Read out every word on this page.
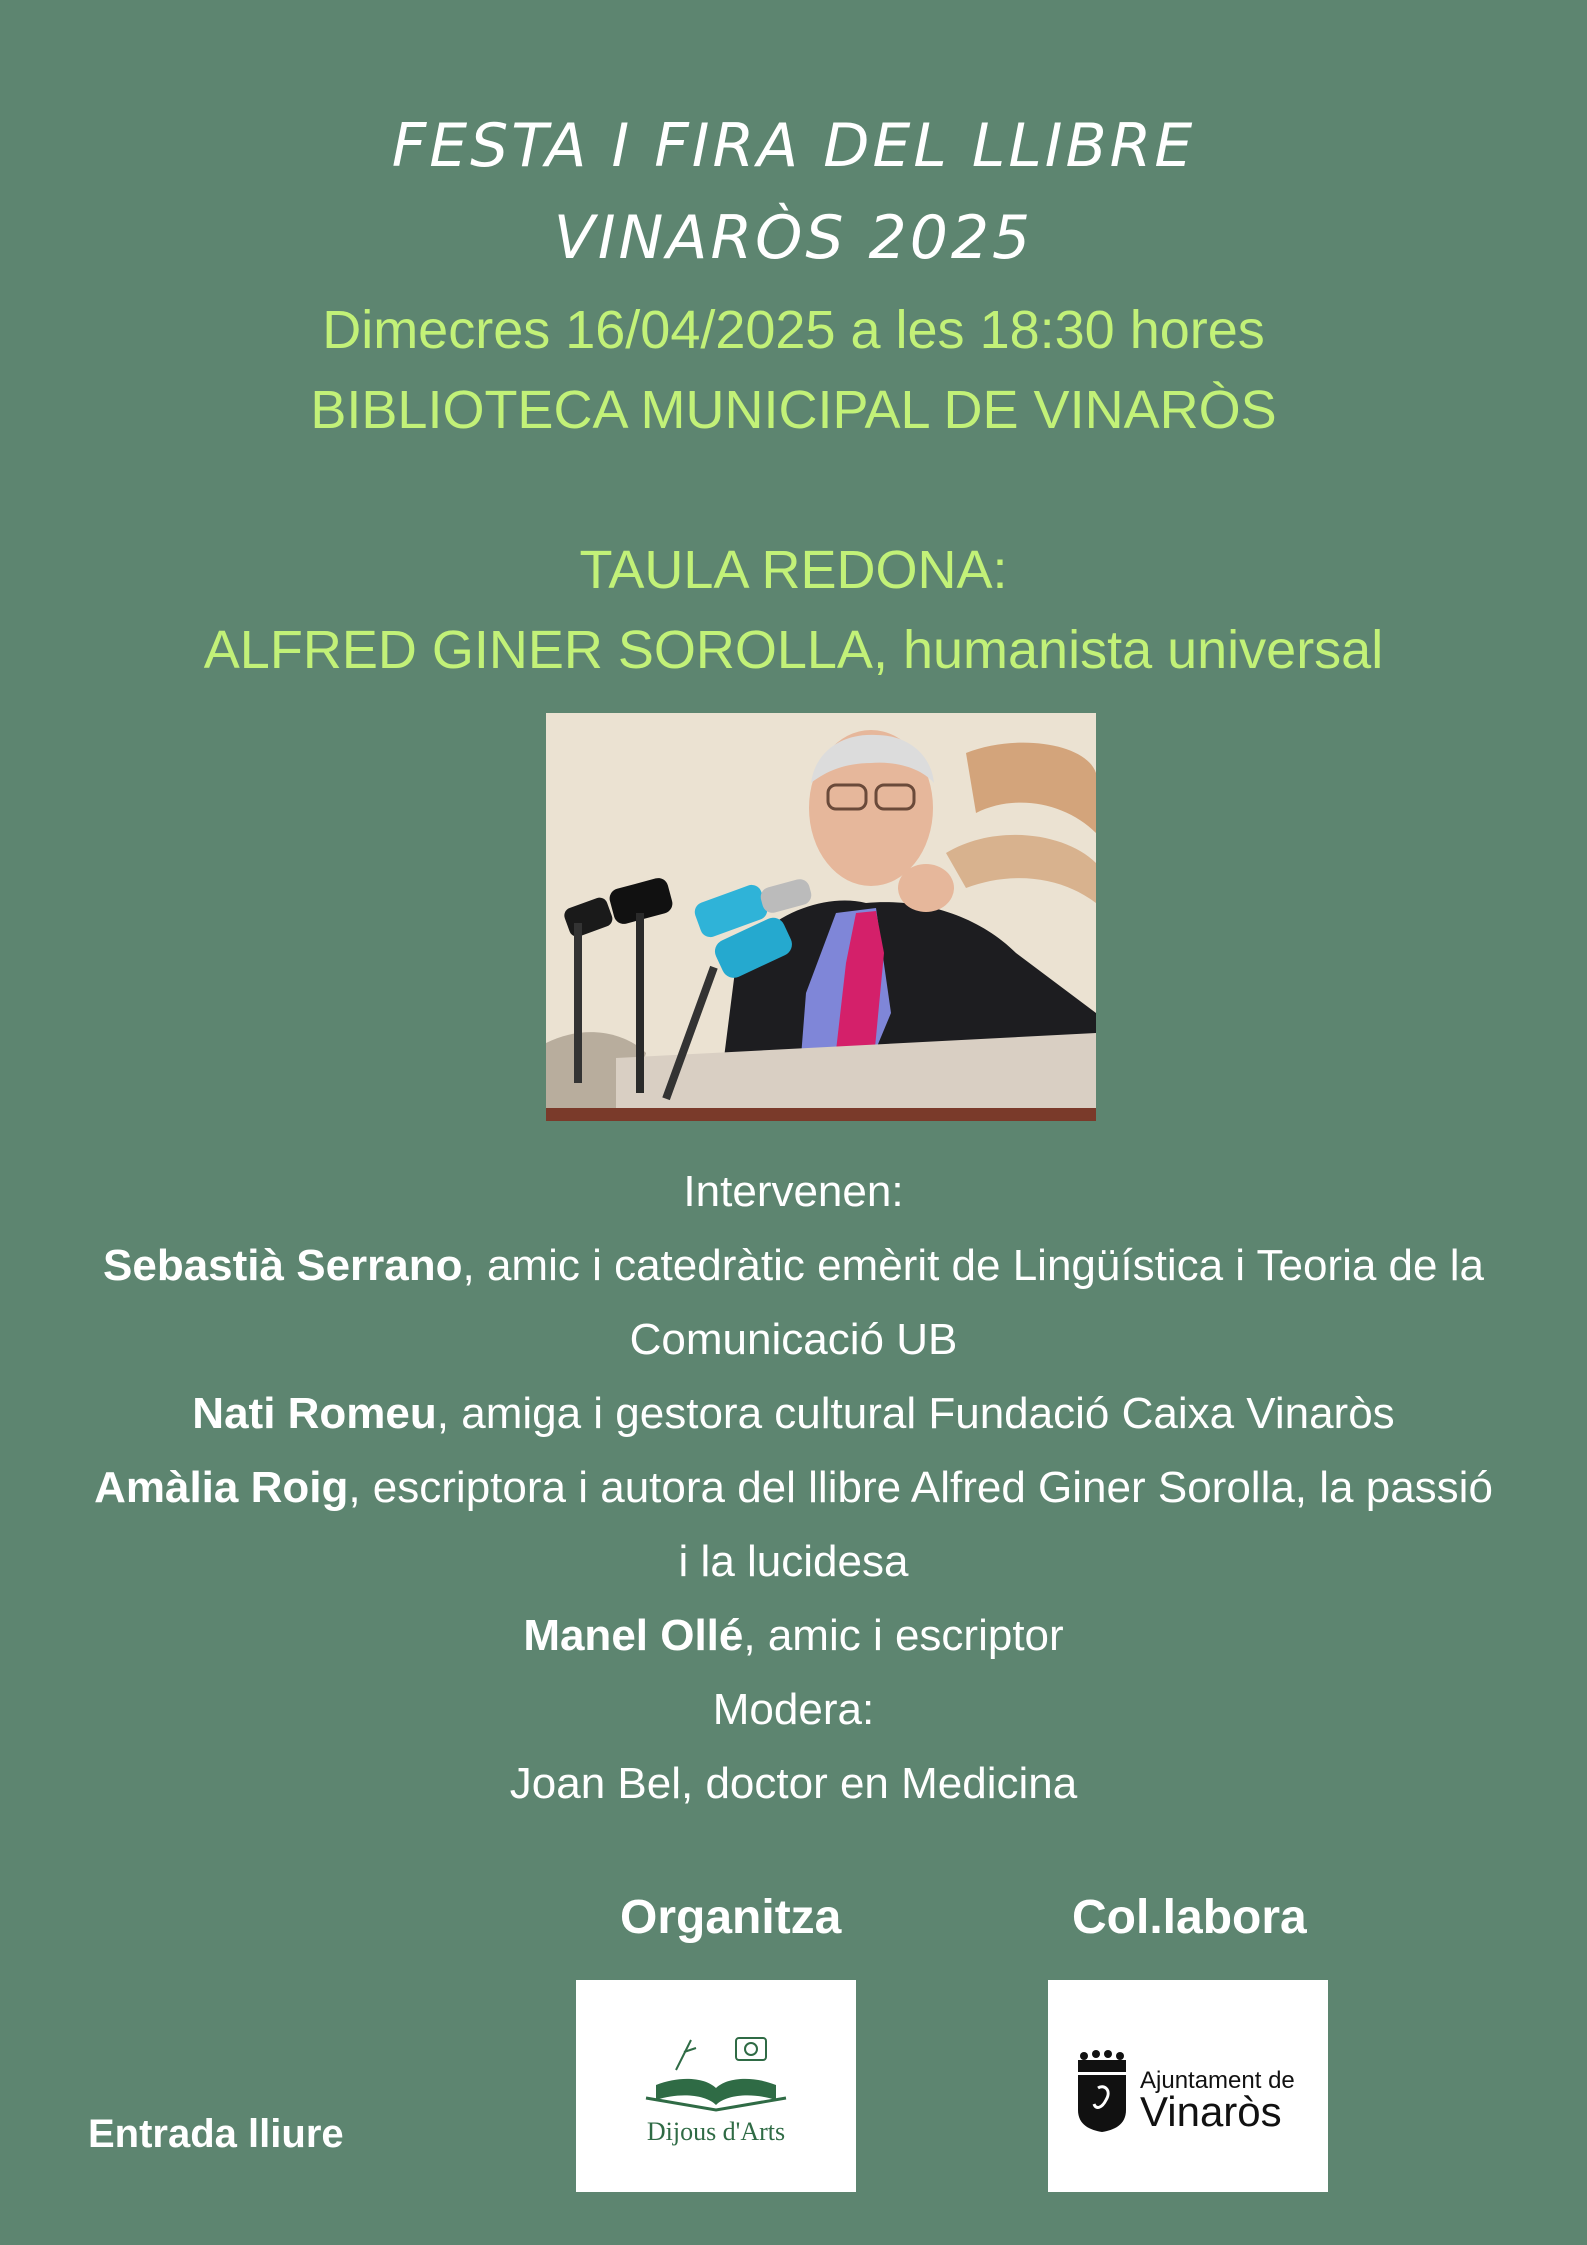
FESTA I FIRA DEL LLIBRE
VINARÒS 2025
Dimecres 16/04/2025 a les 18:30 hores
BIBLIOTECA MUNICIPAL DE VINARÒS
TAULA REDONA:
ALFRED GINER SOROLLA, humanista universal
Intervenen:
Sebastià Serrano, amic i catedràtic emèrit de Lingüística i Teoria de la
Comunicació UB
Nati Romeu, amiga i gestora cultural Fundació Caixa Vinaròs
Amàlia Roig, escriptora i autora del llibre Alfred Giner Sorolla, la passió
i la lucidesa
Manel Ollé, amic i escriptor
Modera:
Joan Bel, doctor en Medicina
Organitza	Col.labora
Dijous d'Arts
Ajuntament de
Vinaròs
Entrada lliure
